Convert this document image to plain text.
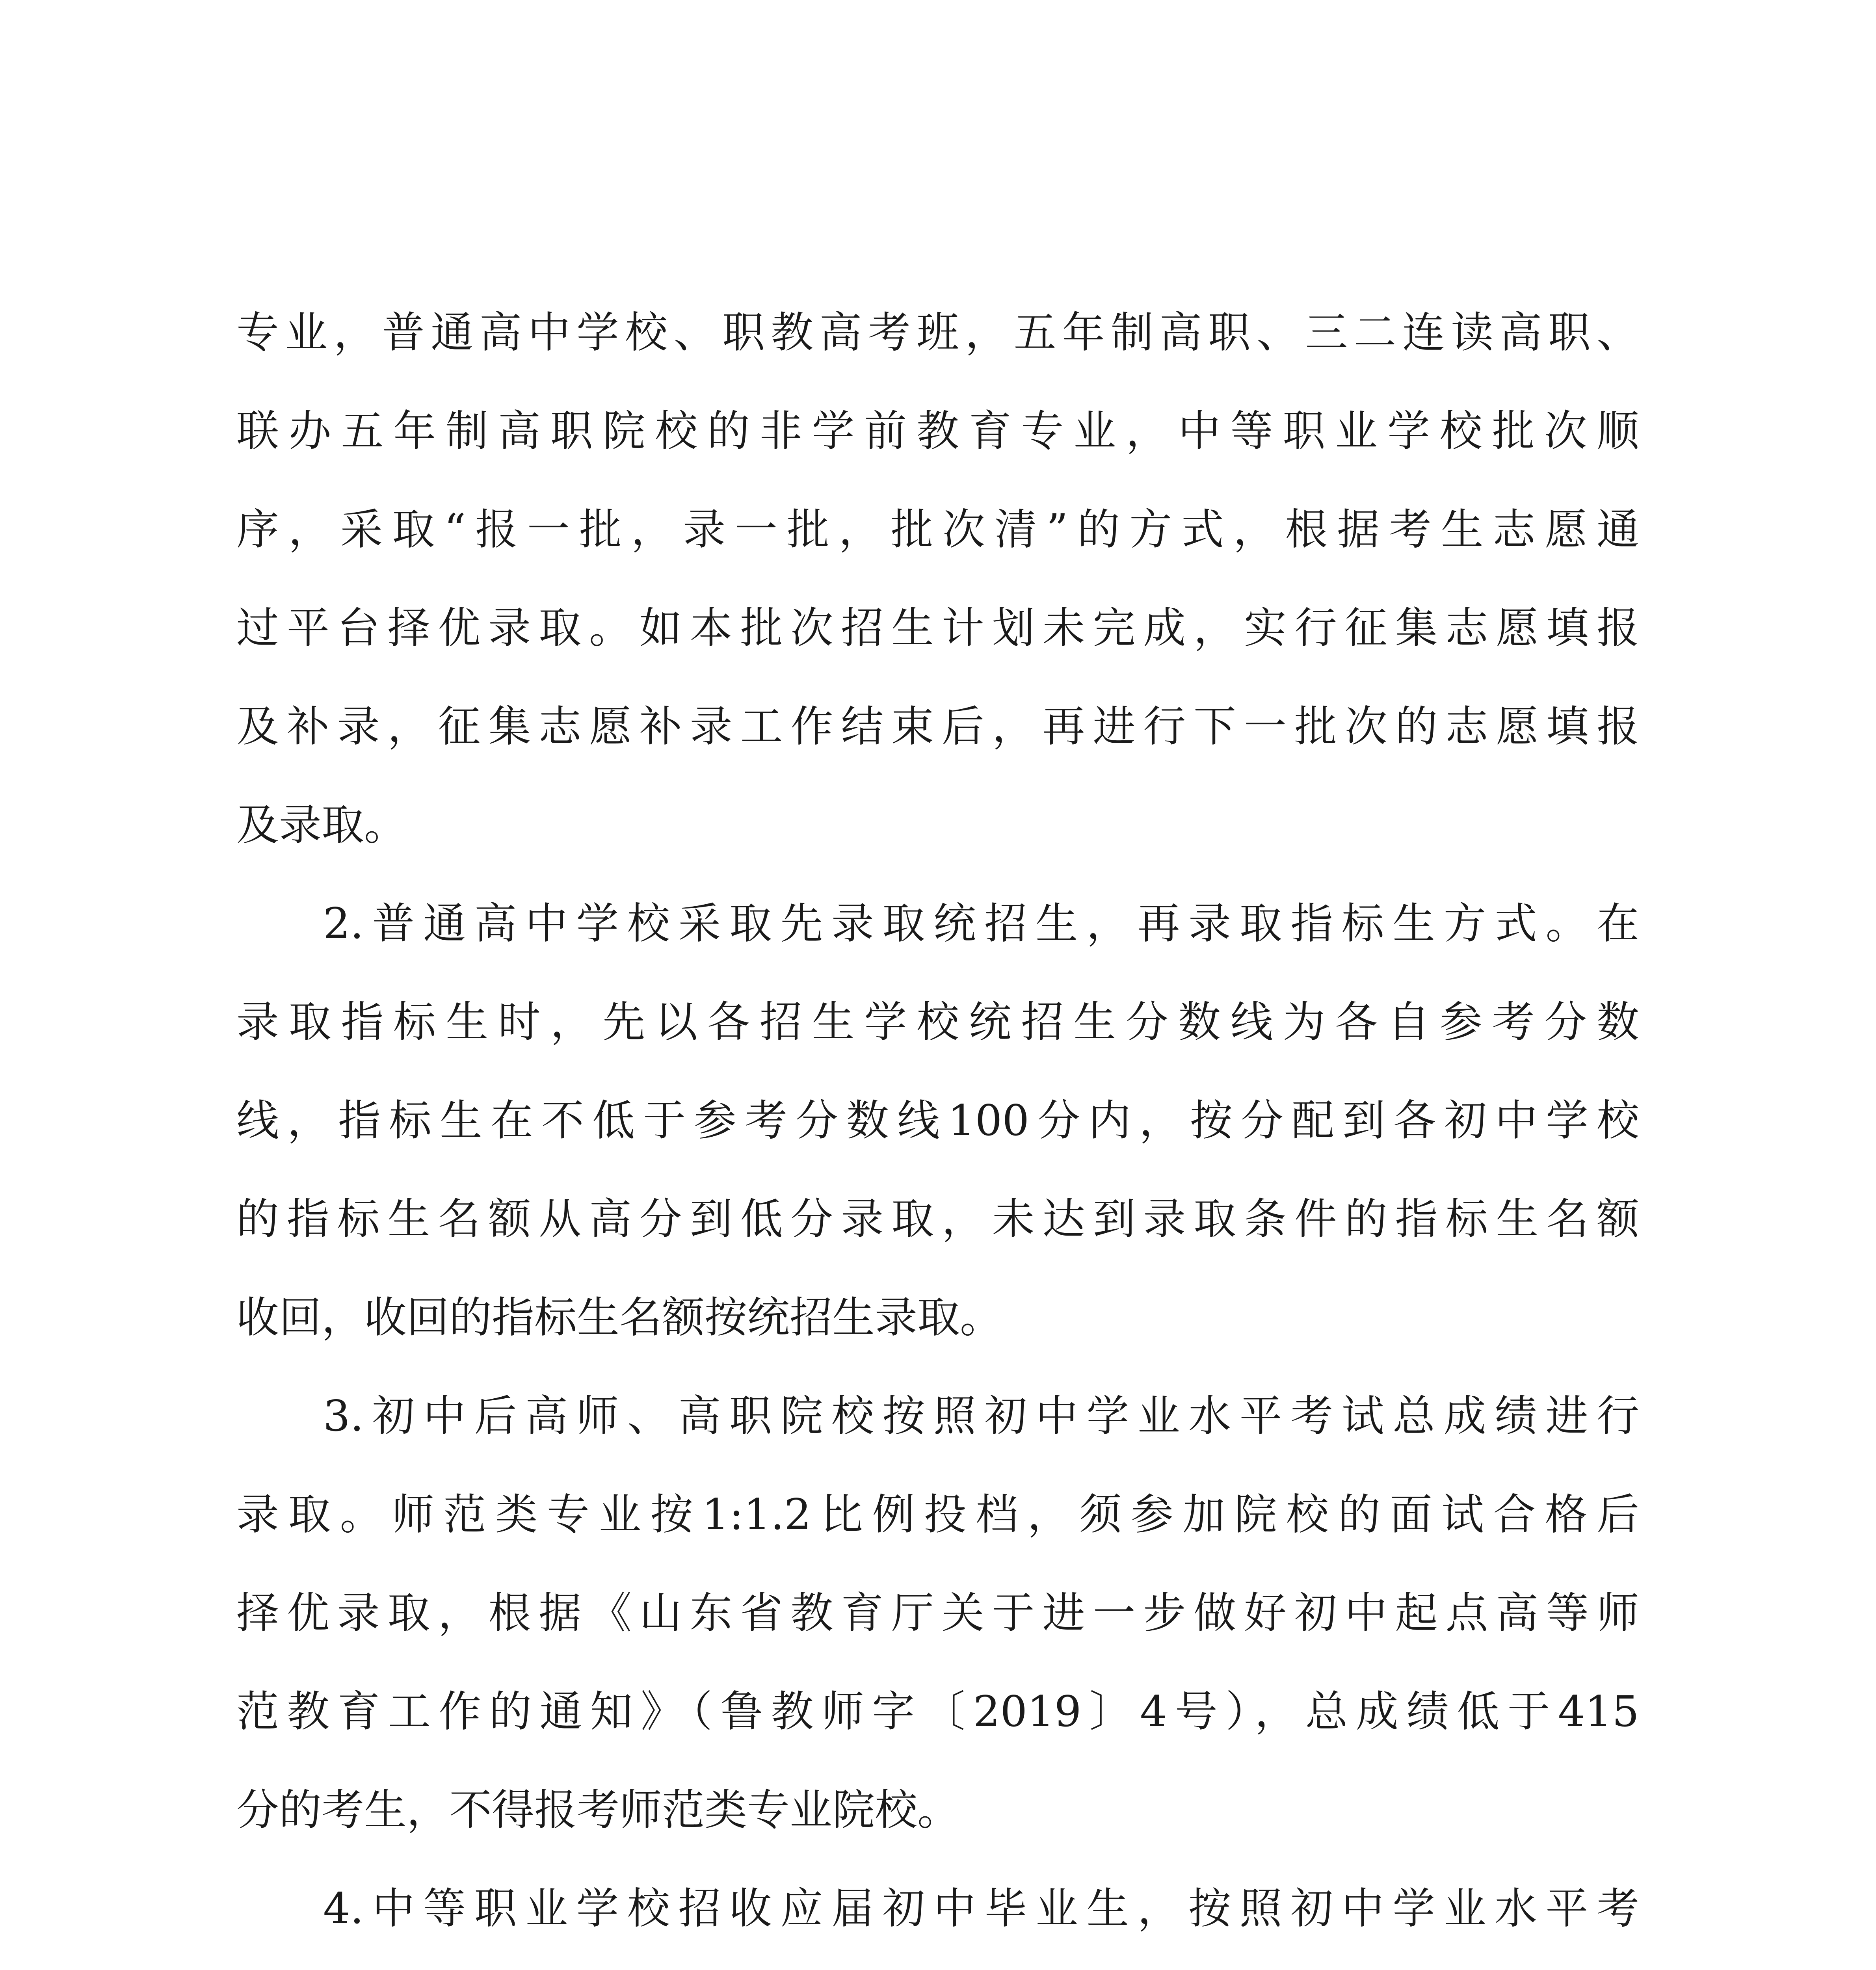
专业，普通高中学校、职教高考班，五年制高职、三二连读高职、
联办五年制高职院校的非学前教育专业，中等职业学校批次顺
序，采取“报一批，录一批，批次清”的方式，根据考生志愿通
过平台择优录取。如本批次招生计划未完成，实行征集志愿填报
及补录，征集志愿补录工作结束后，再进行下一批次的志愿填报
及录取。
2.普通高中学校采取先录取统招生，再录取指标生方式。在
录取指标生时，先以各招生学校统招生分数线为各自参考分数
线，指标生在不低于参考分数线100分内，按分配到各初中学校
的指标生名额从高分到低分录取，未达到录取条件的指标生名额
收回，收回的指标生名额按统招生录取。
3.初中后高师、高职院校按照初中学业水平考试总成绩进行
录取。师范类专业按1:1.2比例投档，须参加院校的面试合格后
择优录取，根据《山东省教育厅关于进一步做好初中起点高等师
范教育工作的通知》（鲁教师字〔2019〕4号），总成绩低于415
分的考生，不得报考师范类专业院校。
4.中等职业学校招收应届初中毕业生，按照初中学业水平考
